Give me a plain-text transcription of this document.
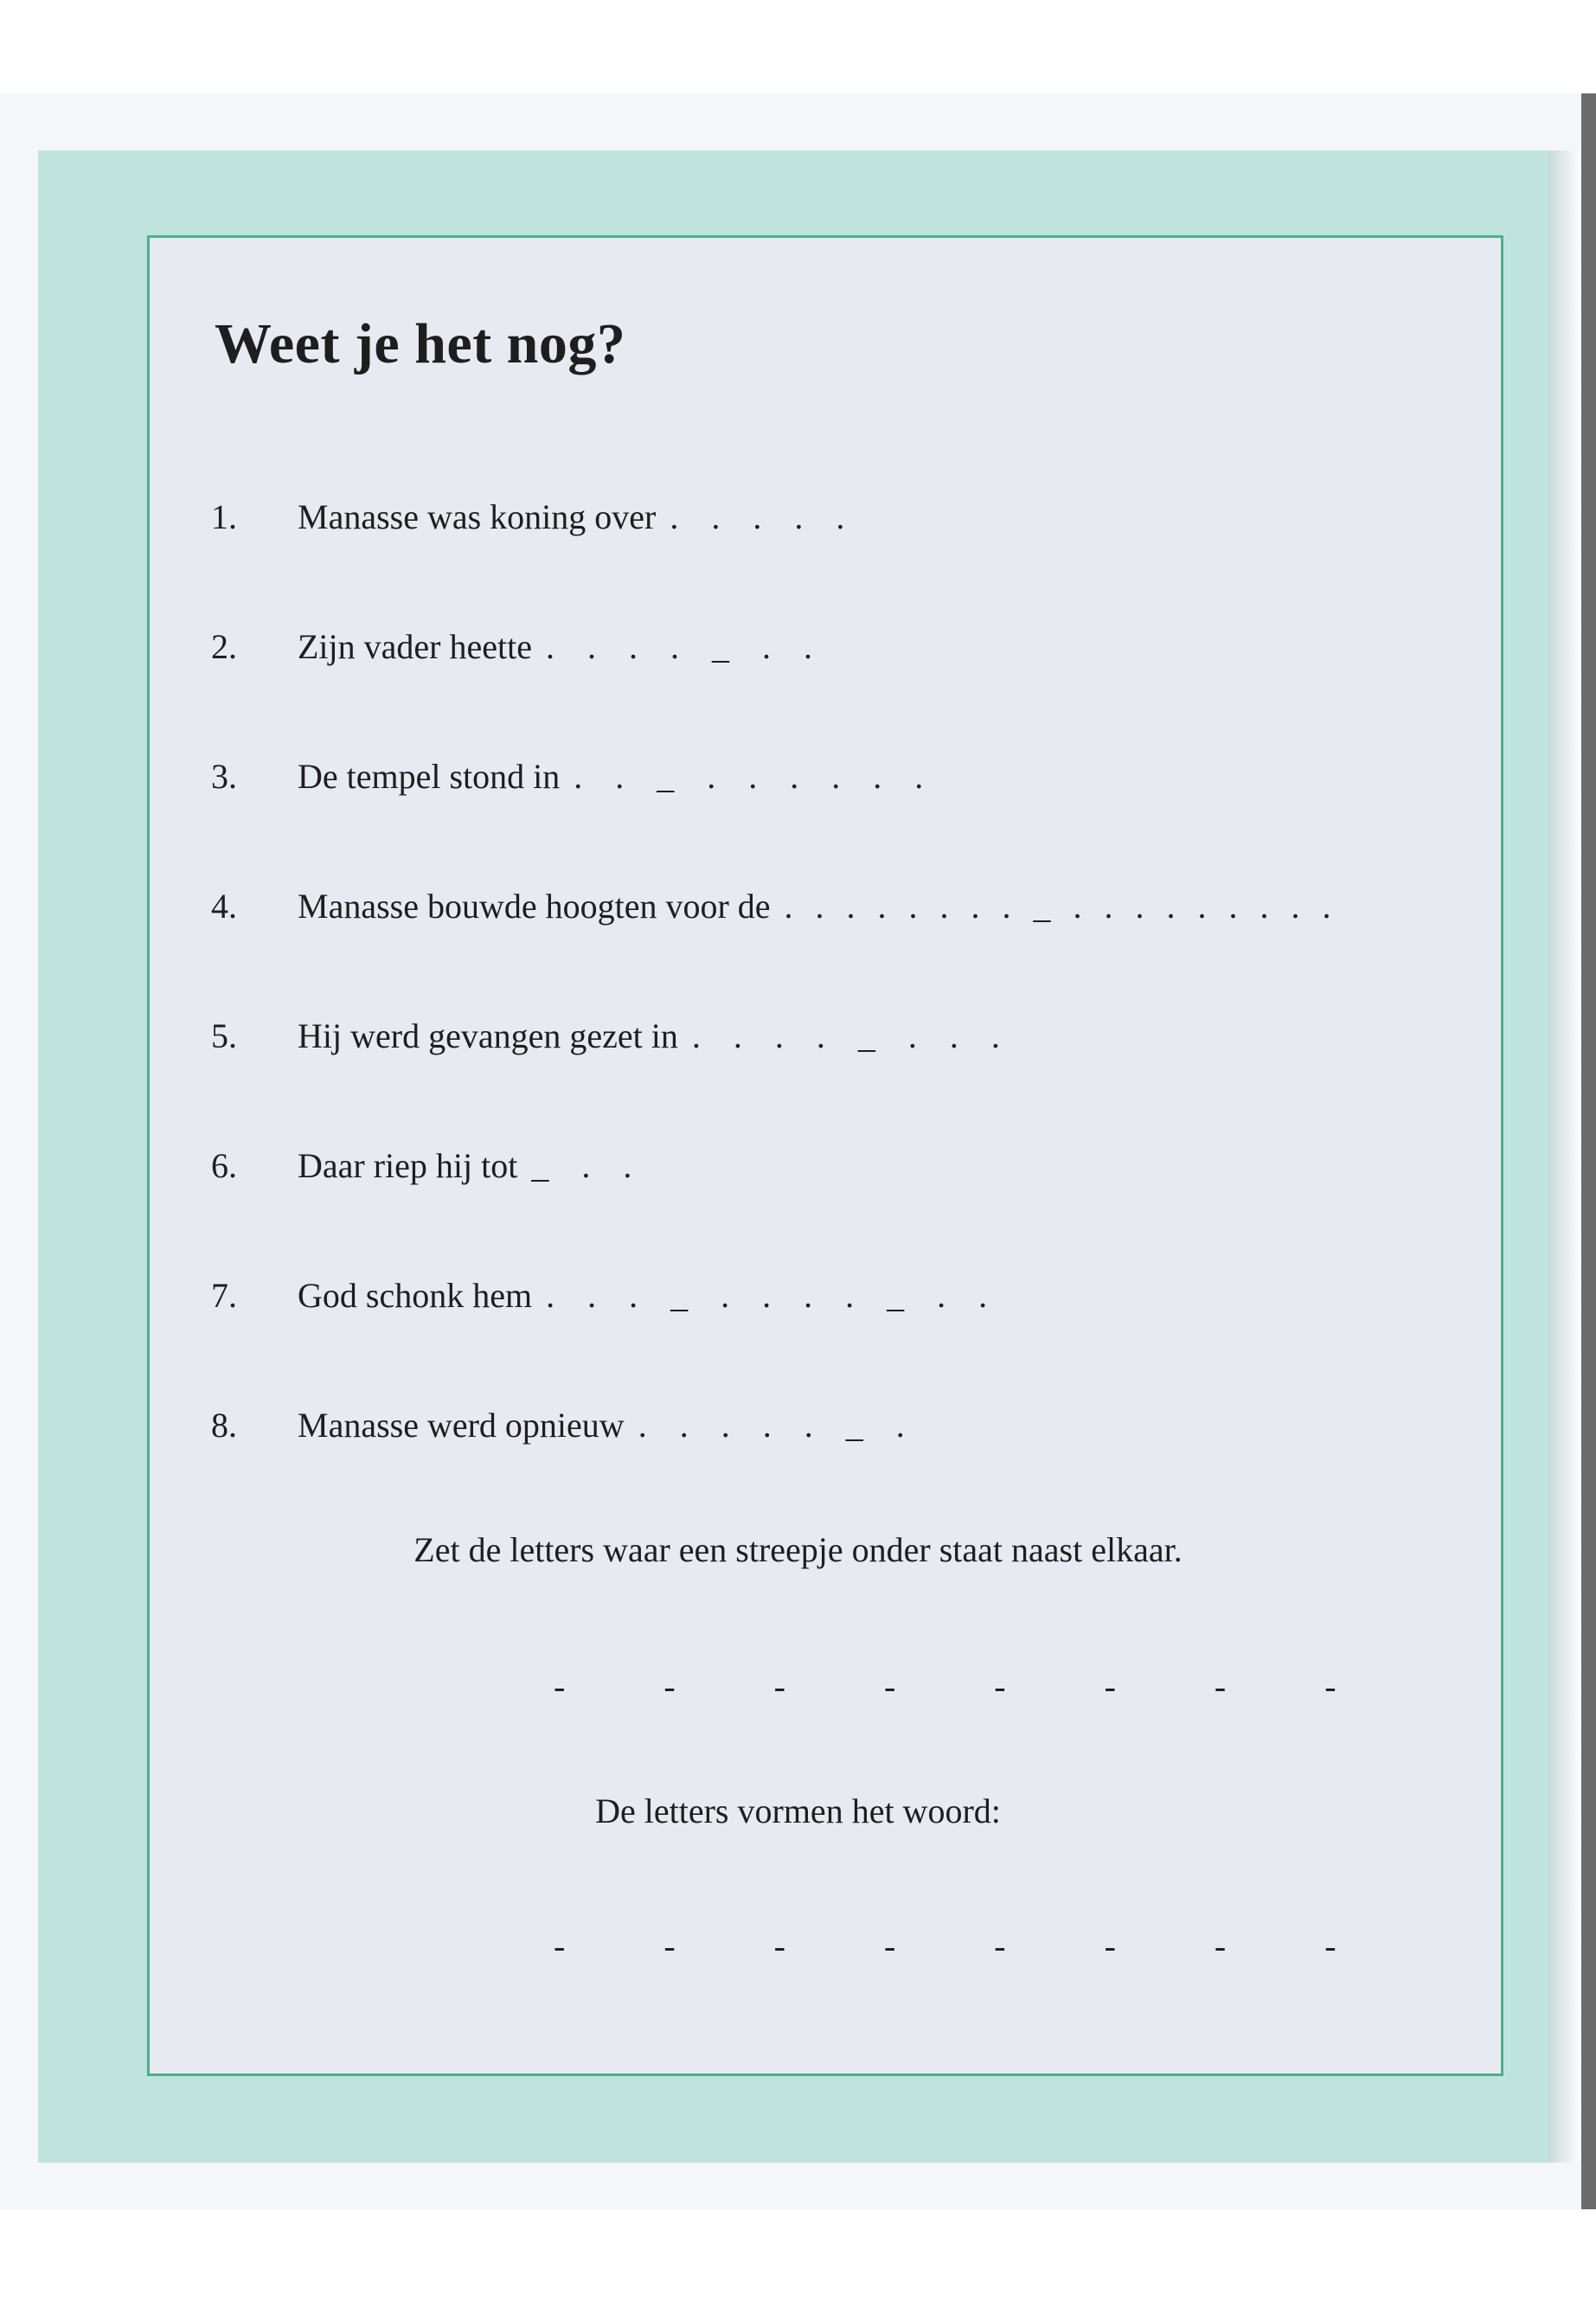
Weet je het nog?
1. Manasse was koning over . . . . .
2. Zijn vader heette . . . . _ . .
3. De tempel stond in . . _ . . . . . .
4. Manasse bouwde hoogten voor de . . . . . . . . _ . . . . . . . . .
5. Hij werd gevangen gezet in . . . . _ . . .
6. Daar riep hij tot _ . .
7. God schonk hem . . . _ . . . . _ . .
8. Manasse werd opnieuw . . . . . _ .

Zet de letters waar een streepje onder staat naast elkaar.

- - - - - - - -

De letters vormen het woord:

- - - - - - - -
